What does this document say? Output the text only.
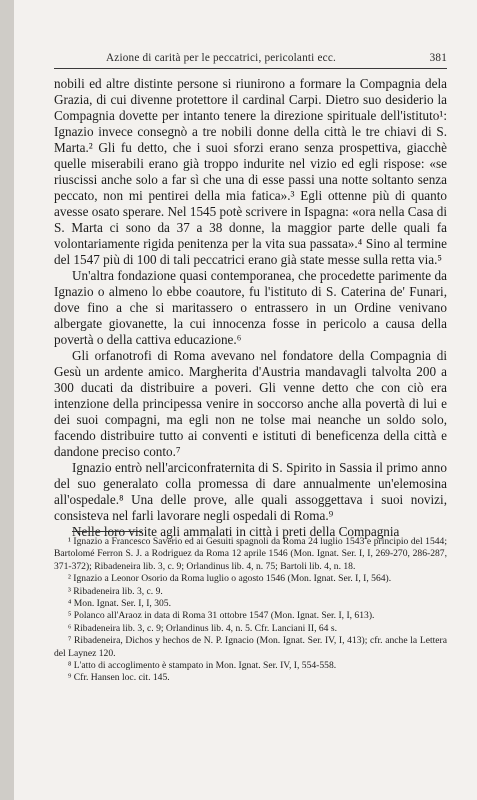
Azione di carità per le peccatrici, pericolanti ecc.	381

nobili ed altre distinte persone si riunirono a formare la Compagnia dela Grazia, di cui divenne protettore il cardinal Carpi. Dietro suo desiderio la Compagnia dovette per intanto tenere la direzione spirituale dell'istituto¹: Ignazio invece consegnò a tre nobili donne della città le tre chiavi di S. Marta.² Gli fu detto, che i suoi sforzi erano senza prospettiva, giacchè quelle miserabili erano già troppo indurite nel vizio ed egli rispose: «se riuscissi anche solo a far sì che una di esse passi una notte soltanto senza peccato, non mi pentirei della mia fatica».³ Egli ottenne più di quanto avesse osato sperare. Nel 1545 potè scrivere in Ispagna: «ora nella Casa di S. Marta ci sono da 37 a 38 donne, la maggior parte delle quali fa volontariamente rigida penitenza per la vita sua passata».⁴ Sino al termine del 1547 più di 100 di tali peccatrici erano già state messe sulla retta via.⁵

Un'altra fondazione quasi contemporanea, che procedette parimente da Ignazio o almeno lo ebbe coautore, fu l'istituto di S. Caterina de' Funari, dove fino a che si maritassero o entrassero in un Ordine venivano albergate giovanette, la cui innocenza fosse in pericolo a causa della povertà o della cattiva educazione.⁶

Gli orfanotrofi di Roma avevano nel fondatore della Compagnia di Gesù un ardente amico. Margherita d'Austria mandavagli talvolta 200 a 300 ducati da distribuire a poveri. Gli venne detto che con ciò era intenzione della principessa venire in soccorso anche alla povertà di lui e dei suoi compagni, ma egli non ne tolse mai neanche un soldo solo, facendo distribuire tutto ai conventi e istituti di beneficenza della città e dandone preciso conto.⁷

Ignazio entrò nell'arciconfraternita di S. Spirito in Sassia il primo anno del suo generalato colla promessa di dare annualmente un'elemosina all'ospedale.⁸ Una delle prove, alle quali assoggettava i suoi novizi, consisteva nel farli lavorare negli ospedali di Roma.⁹

Nelle loro visite agli ammalati in città i preti della Compagnia

¹ Ignazio a Francesco Saverio ed ai Gesuiti spagnoli da Roma 24 luglio 1543 e principio del 1544; Bartolomé Ferron S. J. a Rodriguez da Roma 12 aprile 1546 (Mon. Ignat. Ser. I, I, 269-270, 286-287, 371-372); Ribadeneira lib. 3, c. 9; Orlandinus lib. 4, n. 75; Bartoli lib. 4, n. 18.

² Ignazio a Leonor Osorio da Roma luglio o agosto 1546 (Mon. Ignat. Ser. I, I, 564).

³ Ribadeneira lib. 3, c. 9.

⁴ Mon. Ignat. Ser. I, I, 305.

⁵ Polanco all'Araoz in data di Roma 31 ottobre 1547 (Mon. Ignat. Ser. I, I, 613).

⁶ Ribadeneira lib. 3, c. 9; Orlandinus lib. 4, n. 5. Cfr. Lanciani II, 64 s.

⁷ Ribadeneira, Dichos y hechos de N. P. Ignacio (Mon. Ignat. Ser. IV, I, 413); cfr. anche la Lettera del Laynez 120.

⁸ L'atto di accoglimento è stampato in Mon. Ignat. Ser. IV, I, 554-558.

⁹ Cfr. Hansen loc. cit. 145.
